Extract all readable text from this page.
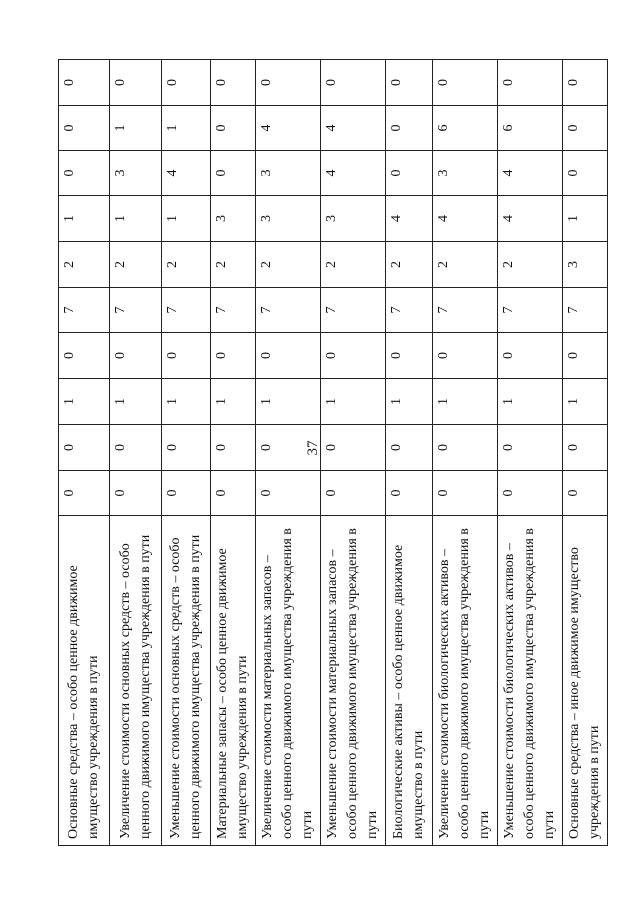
37
Основные средства – особо ценное движимое имущество учреждения в пути	0	0	1	0	7	2	1	0	0	0
Увеличение стоимости основных средств – особо ценного движимого имущества учреждения в пути	0	0	1	0	7	2	1	3	1	0
Уменьшение стоимости основных средств – особо ценного движимого имущества учреждения в пути	0	0	1	0	7	2	1	4	1	0
Материальные запасы – особо ценное движимое имущество учреждения в пути	0	0	1	0	7	2	3	0	0	0
Увеличение стоимости материальных запасов – особо ценного движимого имущества учреждения в пути	0	0	1	0	7	2	3	3	4	0
Уменьшение стоимости материальных запасов – особо ценного движимого имущества учреждения в пути	0	0	1	0	7	2	3	4	4	0
Биологические активы – особо ценное движимое имущество в пути	0	0	1	0	7	2	4	0	0	0
Увеличение стоимости биологических активов – особо ценного движимого имущества учреждения в пути	0	0	1	0	7	2	4	3	6	0
Уменьшение стоимости биологических активов – особо ценного движимого имущества учреждения в пути	0	0	1	0	7	2	4	4	6	0
Основные средства – иное движимое имущество учреждения в пути	0	0	1	0	7	3	1	0	0	0
